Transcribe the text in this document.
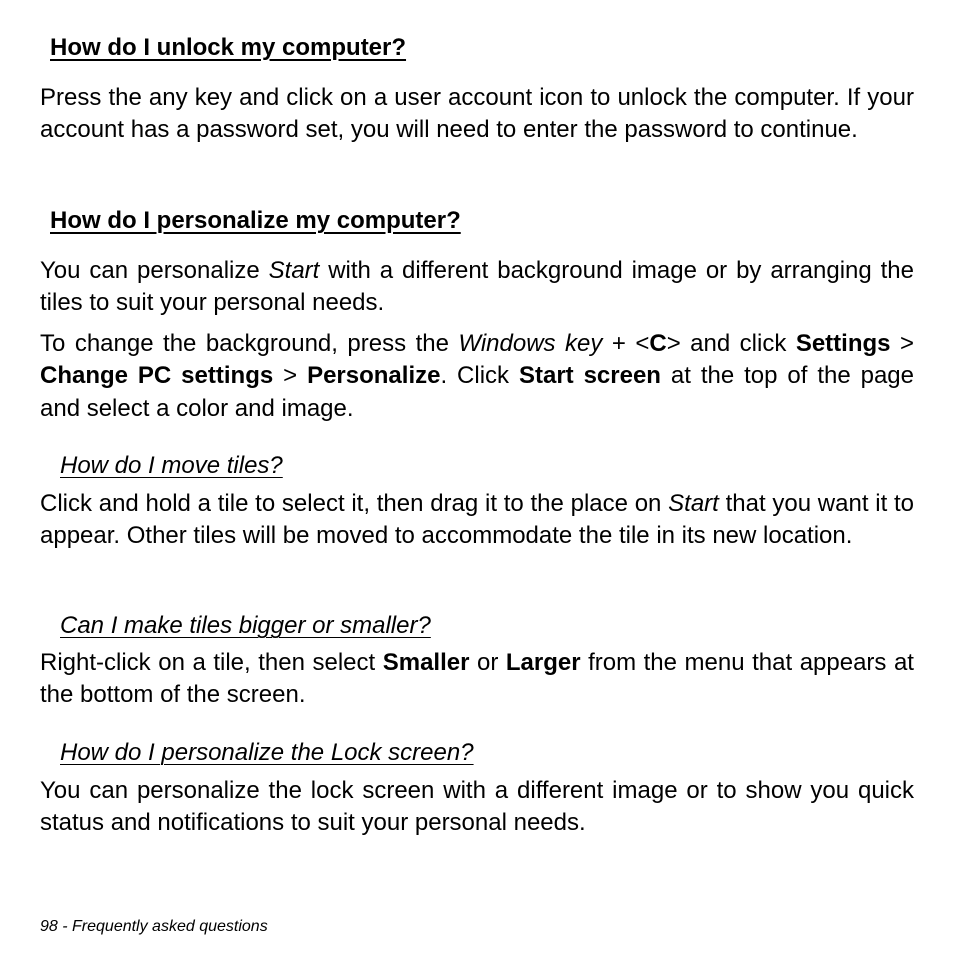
How do I unlock my computer?

Press the any key and click on a user account icon to unlock the computer. If your account has a password set, you will need to enter the password to continue.

How do I personalize my computer?

You can personalize Start with a different background image or by arranging the tiles to suit your personal needs.

To change the background, press the Windows key + <C> and click Settings > Change PC settings > Personalize. Click Start screen at the top of the page and select a color and image.

How do I move tiles?

Click and hold a tile to select it, then drag it to the place on Start that you want it to appear. Other tiles will be moved to accommodate the tile in its new location.

Can I make tiles bigger or smaller?

Right-click on a tile, then select Smaller or Larger from the menu that appears at the bottom of the screen.

How do I personalize the Lock screen?

You can personalize the lock screen with a different image or to show you quick status and notifications to suit your personal needs.

98 - Frequently asked questions
